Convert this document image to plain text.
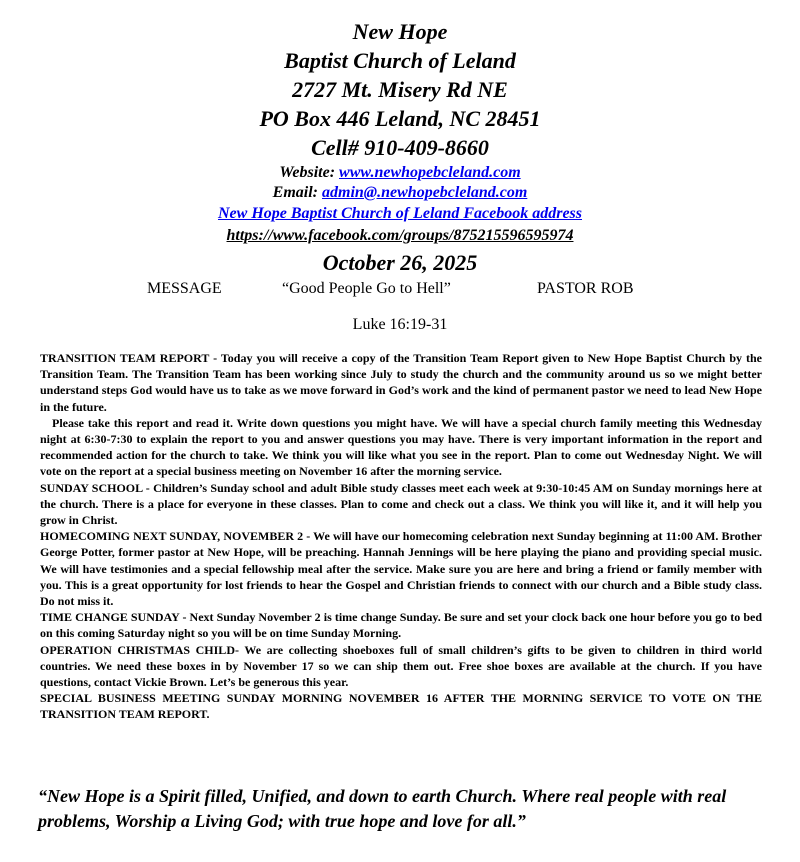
New Hope
Baptist Church of Leland
2727 Mt. Misery Rd NE
PO Box 446 Leland, NC 28451
Cell# 910-409-8660
Website: www.newhopebcleland.com
Email: admin@.newhopebcleland.com
New Hope Baptist Church of Leland Facebook address
https://www.facebook.com/groups/875215596595974
October 26, 2025
MESSAGE	“Good People Go to Hell”	PASTOR ROB
Luke 16:19-31

TRANSITION TEAM REPORT - Today you will receive a copy of the Transition Team Report given to New Hope Baptist Church by the Transition Team. The Transition Team has been working since July to study the church and the community around us so we might better understand steps God would have us to take as we move forward in God’s work and the kind of permanent pastor we need to lead New Hope in the future.

Please take this report and read it. Write down questions you might have. We will have a special church family meeting this Wednesday night at 6:30-7:30 to explain the report to you and answer questions you may have. There is very important information in the report and recommended action for the church to take. We think you will like what you see in the report. Plan to come out Wednesday Night. We will vote on the report at a special business meeting on November 16 after the morning service.

SUNDAY SCHOOL - Children’s Sunday school and adult Bible study classes meet each week at 9:30-10:45 AM on Sunday mornings here at the church. There is a place for everyone in these classes. Plan to come and check out a class. We think you will like it, and it will help you grow in Christ.

HOMECOMING NEXT SUNDAY, NOVEMBER 2 - We will have our homecoming celebration next Sunday beginning at 11:00 AM. Brother George Potter, former pastor at New Hope, will be preaching. Hannah Jennings will be here playing the piano and providing special music. We will have testimonies and a special fellowship meal after the service. Make sure you are here and bring a friend or family member with you. This is a great opportunity for lost friends to hear the Gospel and Christian friends to connect with our church and a Bible study class. Do not miss it.

TIME CHANGE SUNDAY - Next Sunday November 2 is time change Sunday. Be sure and set your clock back one hour before you go to bed on this coming Saturday night so you will be on time Sunday Morning.

OPERATION CHRISTMAS CHILD- We are collecting shoeboxes full of small children’s gifts to be given to children in third world countries. We need these boxes in by November 17 so we can ship them out. Free shoe boxes are available at the church. If you have questions, contact Vickie Brown. Let’s be generous this year.

SPECIAL BUSINESS MEETING SUNDAY MORNING NOVEMBER 16 AFTER THE MORNING SERVICE TO VOTE ON THE TRANSITION TEAM REPORT.

“New Hope is a Spirit filled, Unified, and down to earth Church. Where real people with real problems, Worship a Living God; with true hope and love for all.”
